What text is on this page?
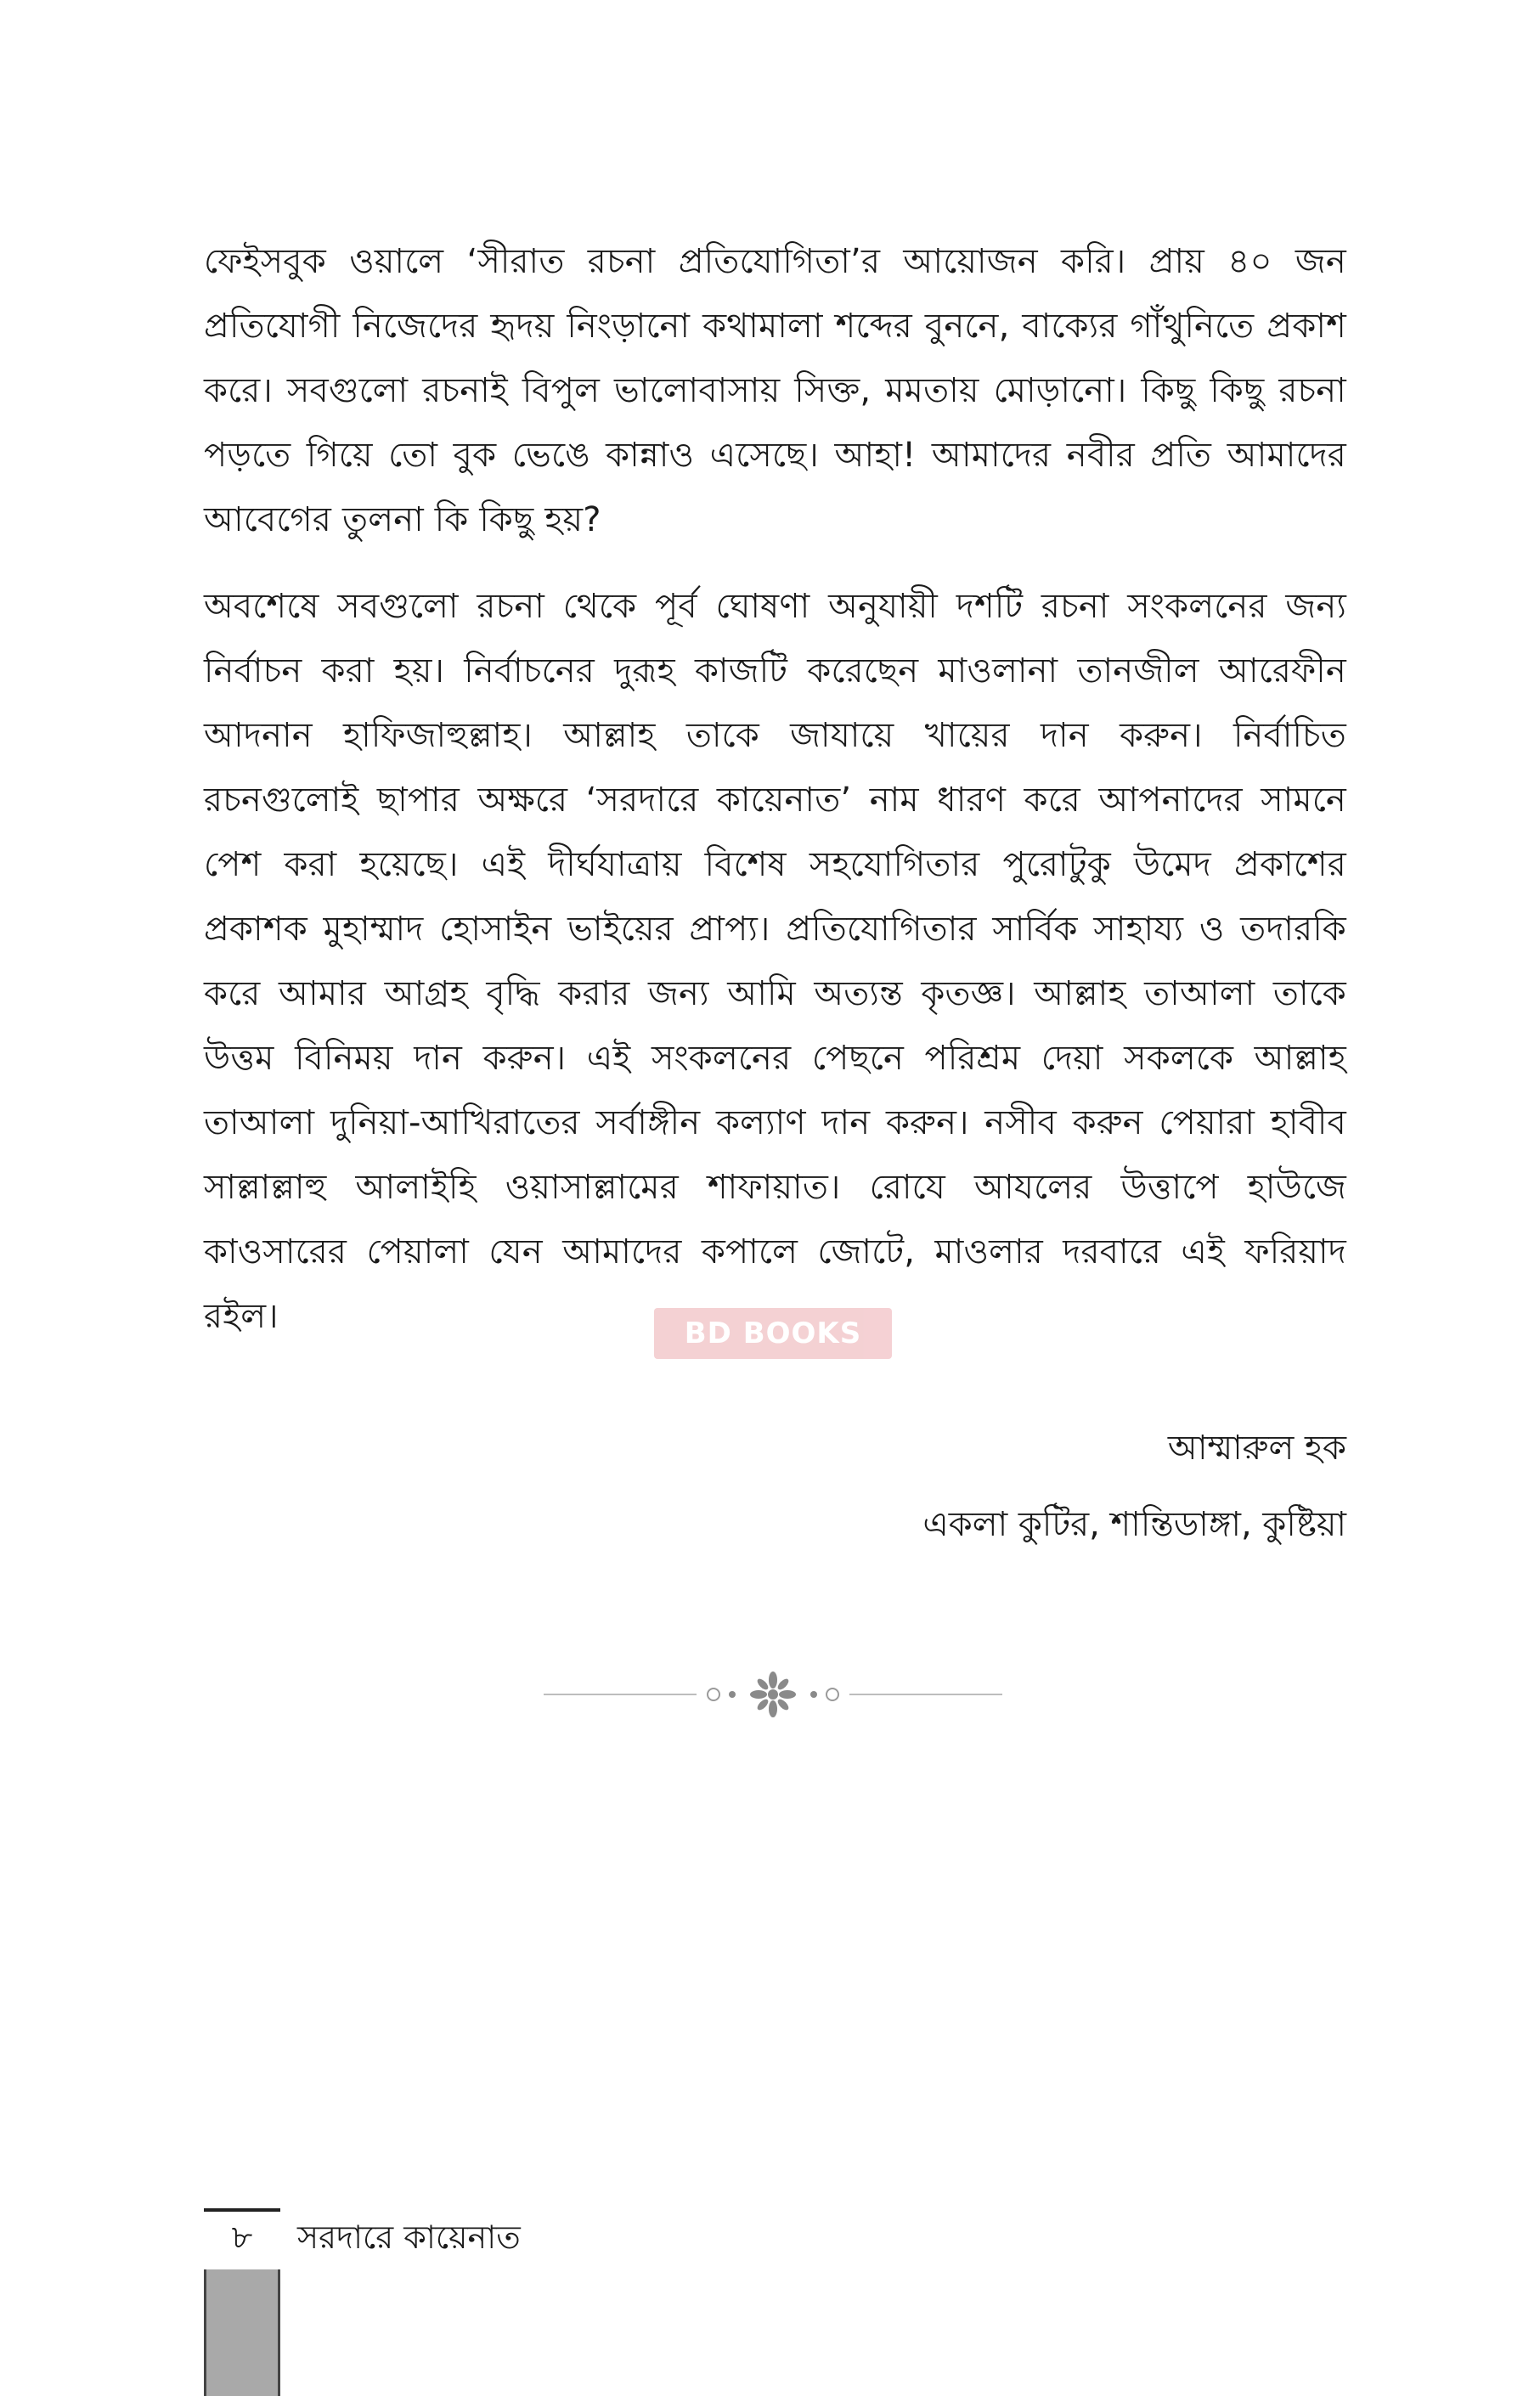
ফেইসবুক ওয়ালে ‘সীরাত রচনা প্রতিযোগিতা’র আয়োজন করি। প্রায় ৪০ জন প্রতিযোগী নিজেদের হৃদয় নিংড়ানো কথামালা শব্দের বুননে, বাক্যের গাঁথুনিতে প্রকাশ করে। সবগুলো রচনাই বিপুল ভালোবাসায় সিক্ত, মমতায় মোড়ানো। কিছু কিছু রচনা পড়তে গিয়ে তো বুক ভেঙে কান্নাও এসেছে। আহা! আমাদের নবীর প্রতি আমাদের আবেগের তুলনা কি কিছু হয়?

অবশেষে সবগুলো রচনা থেকে পূর্ব ঘোষণা অনুযায়ী দশটি রচনা সংকলনের জন্য নির্বাচন করা হয়। নির্বাচনের দুরূহ কাজটি করেছেন মাওলানা তানজীল আরেফীন আদনান হাফিজাহুল্লাহ। আল্লাহ তাকে জাযায়ে খায়ের দান করুন। নির্বাচিত রচনগুলোই ছাপার অক্ষরে ‘সরদারে কায়েনাত’ নাম ধারণ করে আপনাদের সামনে পেশ করা হয়েছে। এই দীর্ঘযাত্রায় বিশেষ সহযোগিতার পুরোটুকু উমেদ প্রকাশের প্রকাশক মুহাম্মাদ হোসাইন ভাইয়ের প্রাপ্য। প্রতিযোগিতার সার্বিক সাহায্য ও তদারকি করে আমার আগ্রহ বৃদ্ধি করার জন্য আমি অত্যন্ত কৃতজ্ঞ। আল্লাহ তাআলা তাকে উত্তম বিনিময় দান করুন। এই সংকলনের পেছনে পরিশ্রম দেয়া সকলকে আল্লাহ তাআলা দুনিয়া-আখিরাতের সর্বাঙ্গীন কল্যাণ দান করুন। নসীব করুন পেয়ারা হাবীব সাল্লাল্লাহু আলাইহি ওয়াসাল্লামের শাফায়াত। রোযে আযলের উত্তাপে হাউজে কাওসারের পেয়ালা যেন আমাদের কপালে জোটে, মাওলার দরবারে এই ফরিয়াদ রইল।	BD BOOKS
আম্মারুল হক
একলা কুটির, শান্তিডাঙ্গা, কুষ্টিয়া
৮	সরদারে কায়েনাত
